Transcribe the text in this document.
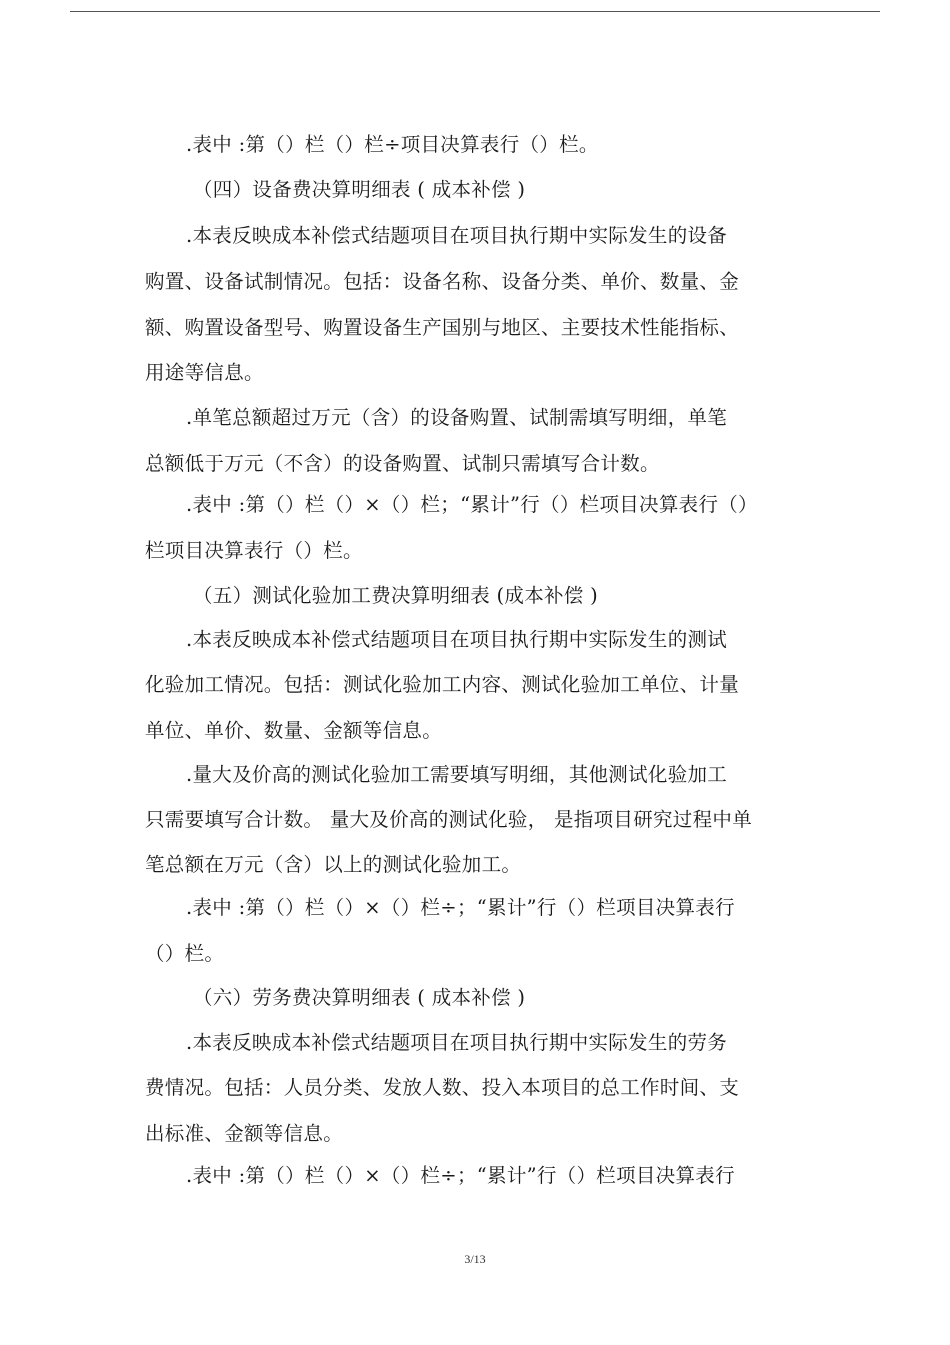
.表中 :第（）栏（）栏÷项目决算表行（）栏。
（四）设备费决算明细表 ( 成本补偿 )
.本表反映成本补偿式结题项目在项目执行期中实际发生的设备
购置、设备试制情况。包括：设备名称、设备分类、单价、数量、金
额、购置设备型号、购置设备生产国别与地区、主要技术性能指标、
用途等信息。
.单笔总额超过万元（含）的设备购置、试制需填写明细，单笔
总额低于万元（不含）的设备购置、试制只需填写合计数。
.表中 :第（）栏（）×（）栏；“累计”行（）栏项目决算表行（）
栏项目决算表行（）栏。
（五）测试化验加工费决算明细表 (成本补偿 )
.本表反映成本补偿式结题项目在项目执行期中实际发生的测试
化验加工情况。包括：测试化验加工内容、测试化验加工单位、计量
单位、单价、数量、金额等信息。
.量大及价高的测试化验加工需要填写明细，其他测试化验加工
只需要填写合计数。 量大及价高的测试化验， 是指项目研究过程中单
笔总额在万元（含）以上的测试化验加工。
.表中 :第（）栏（）×（）栏÷；“累计”行（）栏项目决算表行
（）栏。
（六）劳务费决算明细表 ( 成本补偿 )
.本表反映成本补偿式结题项目在项目执行期中实际发生的劳务
费情况。包括：人员分类、发放人数、投入本项目的总工作时间、支
出标准、金额等信息。
.表中 :第（）栏（）×（）栏÷；“累计”行（）栏项目决算表行
3/13
